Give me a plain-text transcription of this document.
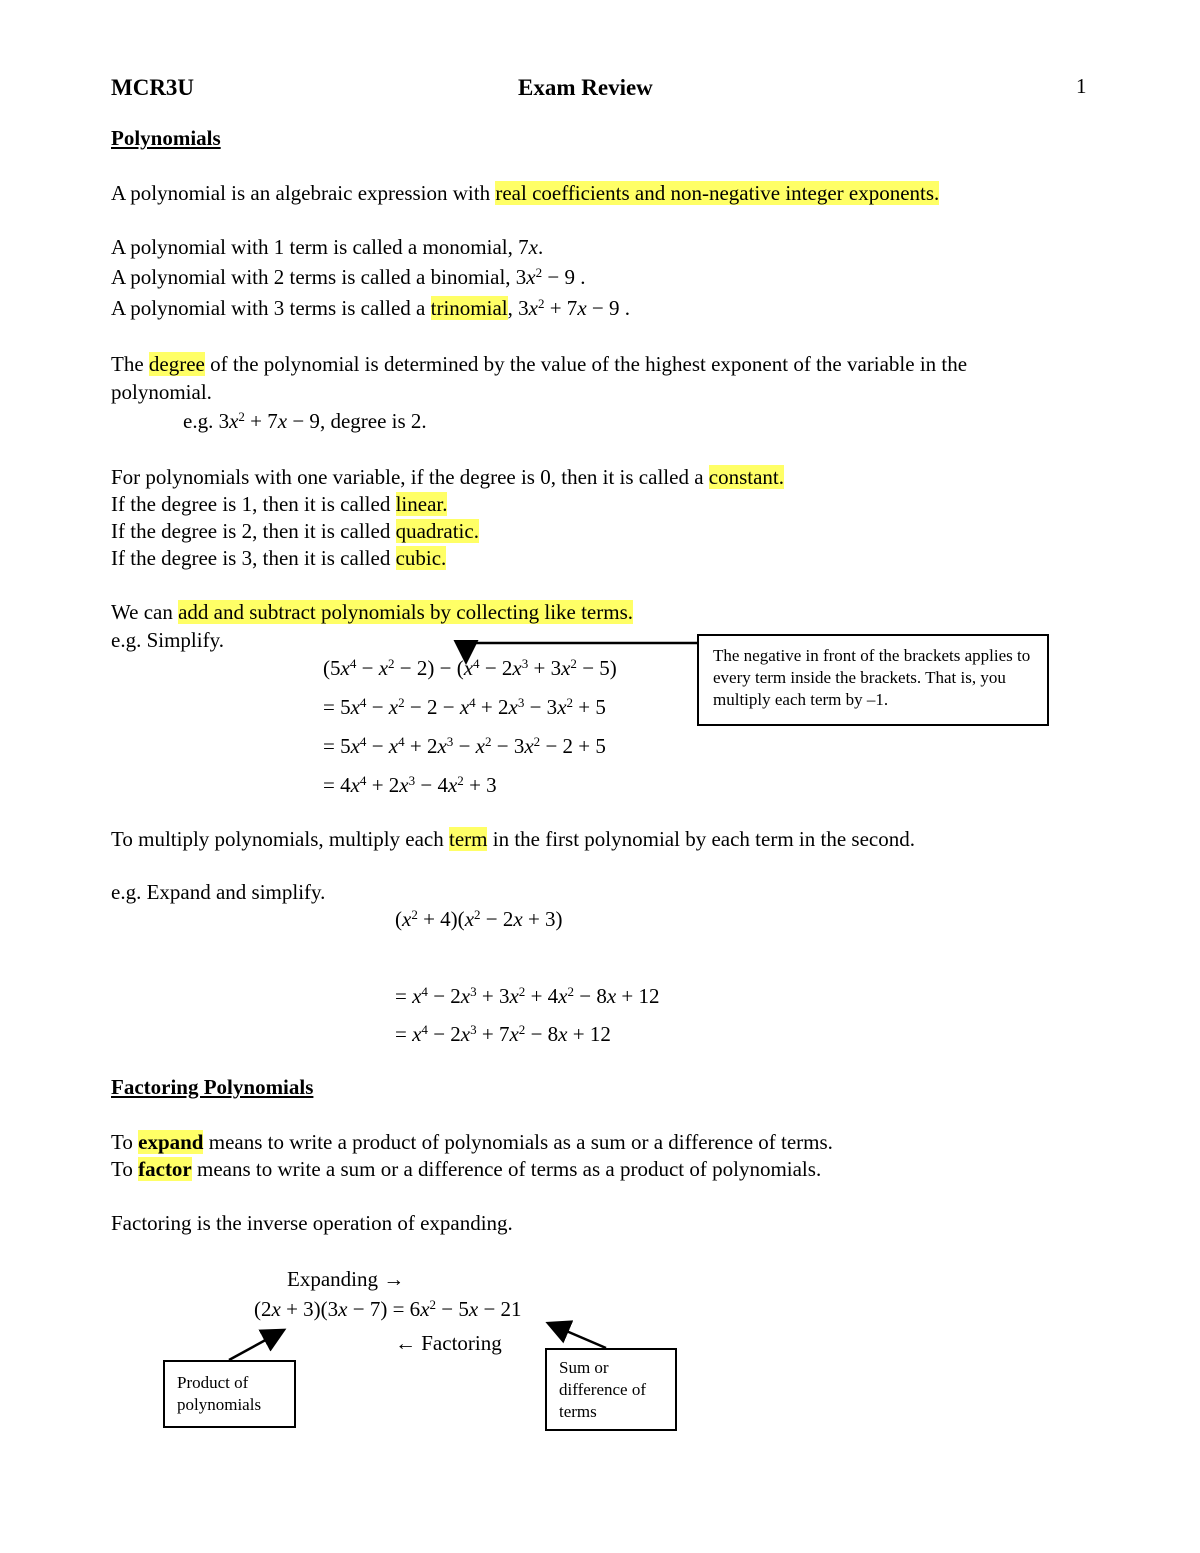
MCR3U	Exam Review	1
Polynomials
A polynomial is an algebraic expression with real coefficients and non-negative integer exponents.
A polynomial with 1 term is called a monomial, 7x.
A polynomial with 2 terms is called a binomial, $3x^2 - 9$ .
A polynomial with 3 terms is called a trinomial, $3x^2 + 7x - 9$ .
The degree of the polynomial is determined by the value of the highest exponent of the variable in the
polynomial.
e.g. $3x^2 + 7x - 9$, degree is 2.
For polynomials with one variable, if the degree is 0, then it is called a constant.
If the degree is 1, then it is called linear.
If the degree is 2, then it is called quadratic.
If the degree is 3, then it is called cubic.
We can add and subtract polynomials by collecting like terms.
e.g. Simplify.
$(5x^4 - x^2 - 2) - (x^4 - 2x^3 + 3x^2 - 5)$
= $5x^4 - x^2 - 2 - x^4 + 2x^3 - 3x^2 + 5$
= $5x^4 - x^4 + 2x^3 - x^2 - 3x^2 - 2 + 5$
= $4x^4 + 2x^3 - 4x^2 + 3$
The negative in front of the brackets applies to every term inside the brackets. That is, you multiply each term by –1.
To multiply polynomials, multiply each term in the first polynomial by each term in the second.
e.g. Expand and simplify.
$(x^2 + 4)(x^2 - 2x + 3)$
= $x^4 - 2x^3 + 3x^2 + 4x^2 - 8x + 12$
= $x^4 - 2x^3 + 7x^2 - 8x + 12$
Factoring Polynomials
To expand means to write a product of polynomials as a sum or a difference of terms.
To factor means to write a sum or a difference of terms as a product of polynomials.
Factoring is the inverse operation of expanding.
Expanding →
$(2x + 3)(3x - 7) = 6x^2 - 5x - 21$
← Factoring
Product of polynomials
Sum or difference of terms
